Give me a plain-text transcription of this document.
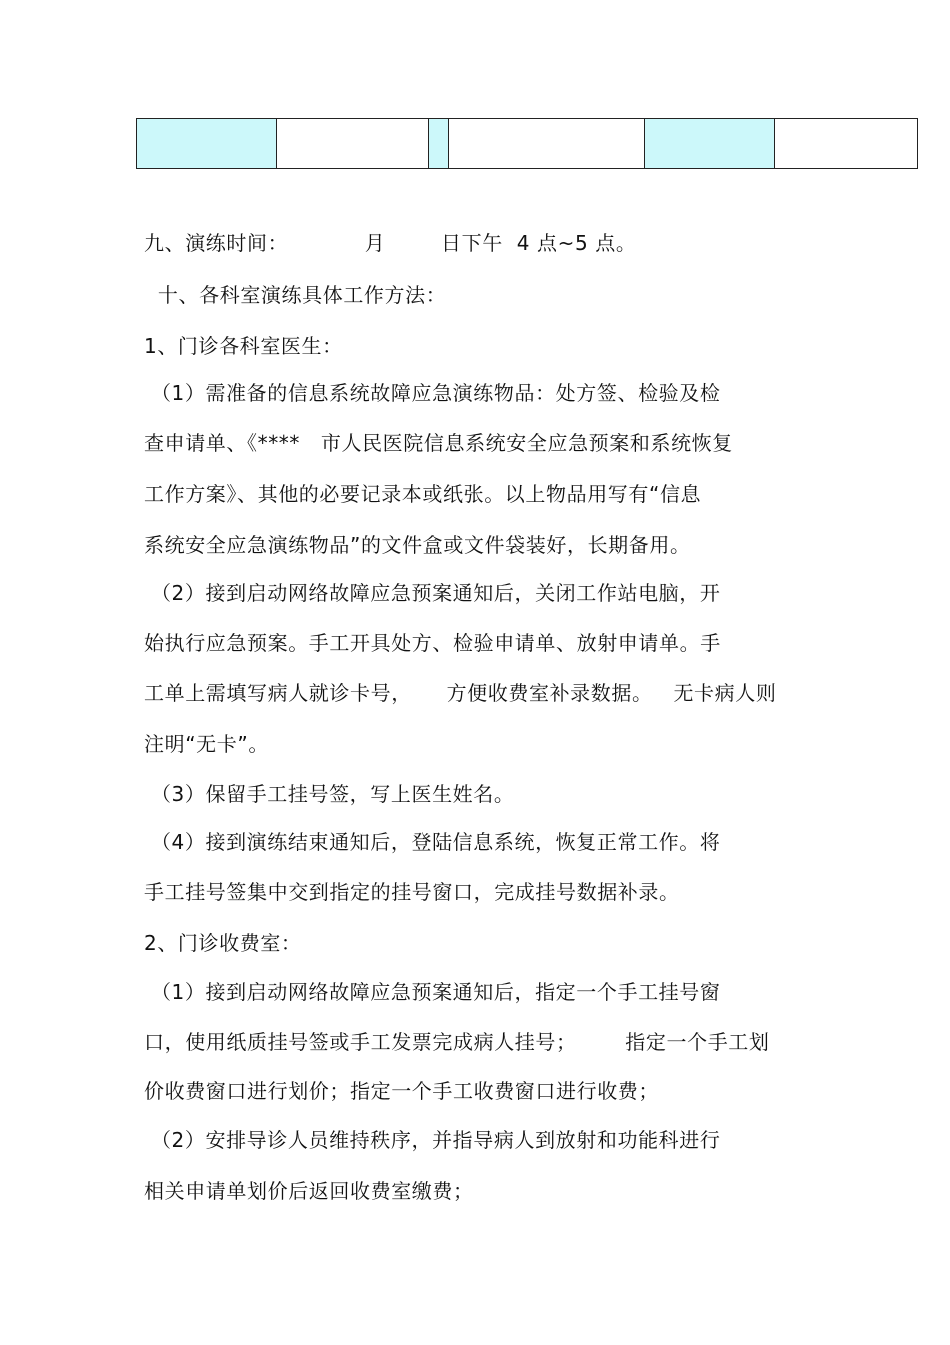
九、演练时间：           月        日下午  4 点~5 点。
十、各科室演练具体工作方法：
1、门诊各科室医生：
（1）需准备的信息系统故障应急演练物品：处方签、检验及检
查申请单、《****   市人民医院信息系统安全应急预案和系统恢复
工作方案》、其他的必要记录本或纸张。以上物品用写有“信息
系统安全应急演练物品”的文件盒或文件袋装好，长期备用。
（2）接到启动网络故障应急预案通知后，关闭工作站电脑，开
始执行应急预案。手工开具处方、检验申请单、放射申请单。手
工单上需填写病人就诊卡号，     方便收费室补录数据。   无卡病人则
注明“无卡”。
（3）保留手工挂号签，写上医生姓名。
（4）接到演练结束通知后，登陆信息系统，恢复正常工作。将
手工挂号签集中交到指定的挂号窗口，完成挂号数据补录。
2、门诊收费室：
（1）接到启动网络故障应急预案通知后，指定一个手工挂号窗
口，使用纸质挂号签或手工发票完成病人挂号；       指定一个手工划
价收费窗口进行划价；指定一个手工收费窗口进行收费；
（2）安排导诊人员维持秩序，并指导病人到放射和功能科进行
相关申请单划价后返回收费室缴费；
